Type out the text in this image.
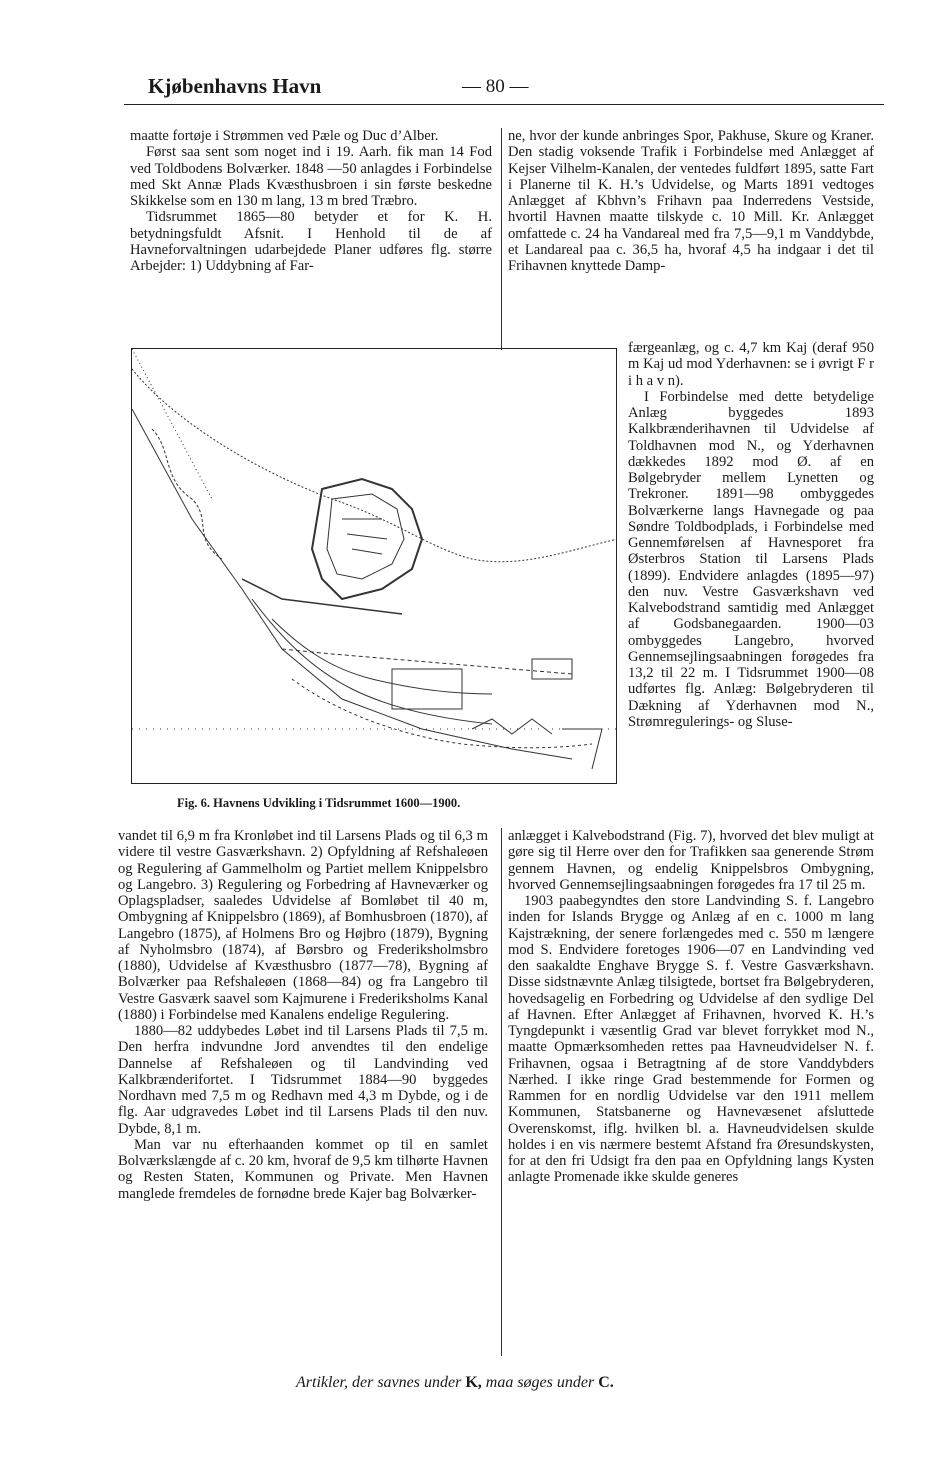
Kjøbenhavns Havn	— 80 —

maatte fortøje i Strømmen ved Pæle og Duc d’Alber.

Først saa sent som noget ind i 19. Aarh. fik man 14 Fod ved Toldbodens Bolværker. 1848 —50 anlagdes i Forbindelse med Skt Annæ Plads Kvæsthusbroen i sin første beskedne Skikkelse som en 130 m lang, 13 m bred Træbro.

Tidsrummet 1865—80 betyder et for K. H. betydningsfuldt Afsnit. I Henhold til de af Havneforvaltningen udarbejdede Planer udføres flg. større Arbejder: 1) Uddybning af Far-

ne, hvor der kunde anbringes Spor, Pakhuse, Skure og Kraner. Den stadig voksende Trafik i Forbindelse med Anlægget af Kejser Vilhelm-Kanalen, der ventedes fuldført 1895, satte Fart i Planerne til K. H.’s Udvidelse, og Marts 1891 vedtoges Anlægget af Kbhvn’s Frihavn paa Inderredens Vestside, hvortil Havnen maatte tilskyde c. 10 Mill. Kr. Anlægget omfattede c. 24 ha Vandareal med fra 7,5—9,1 m Vanddybde, et Landareal paa c. 36,5 ha, hvoraf 4,5 ha indgaar i det til Frihavnen knyttede Damp-

Fig. 6. Havnens Udvikling i Tidsrummet 1600—1900.

færgeanlæg, og c. 4,7 km Kaj (deraf 950 m Kaj ud mod Yderhavnen: se i øvrigt F r i h a v n).

I Forbindelse med dette betydelige Anlæg byggedes 1893 Kalkbrænderihavnen til Udvidelse af Toldhavnen mod N., og Yderhavnen dækkedes 1892 mod Ø. af en Bølgebryder mellem Lynetten og Trekroner. 1891—98 ombyggedes Bolværkerne langs Havnegade og paa Søndre Toldbodplads, i Forbindelse med Gennemførelsen af Havnesporet fra Østerbros Station til Larsens Plads (1899). Endvidere anlagdes (1895—97) den nuv. Vestre Gasværkshavn ved Kalvebodstrand samtidig med Anlægget af Godsbanegaarden. 1900—03 ombyggedes Langebro, hvorved Gennemsejlingsaabningen forøgedes fra 13,2 til 22 m. I Tidsrummet 1900—08 udførtes flg. Anlæg: Bølgebryderen til Dækning af Yderhavnen mod N., Strømregulerings- og Sluse-

vandet til 6,9 m fra Kronløbet ind til Larsens Plads og til 6,3 m videre til vestre Gasværkshavn. 2) Opfyldning af Refshaleøen og Regulering af Gammelholm og Partiet mellem Knippelsbro og Langebro. 3) Regulering og Forbedring af Havneværker og Oplagspladser, saaledes Udvidelse af Bomløbet til 40 m, Ombygning af Knippelsbro (1869), af Bomhusbroen (1870), af Langebro (1875), af Holmens Bro og Højbro (1879), Bygning af Nyholmsbro (1874), af Børsbro og Frederiksholmsbro (1880), Udvidelse af Kvæsthusbro (1877—78), Bygning af Bolværker paa Refshaleøen (1868—84) og fra Langebro til Vestre Gasværk saavel som Kajmurene i Frederiksholms Kanal (1880) i Forbindelse med Kanalens endelige Regulering.

1880—82 uddybedes Løbet ind til Larsens Plads til 7,5 m. Den herfra indvundne Jord anvendtes til den endelige Dannelse af Refshaleøen og til Landvinding ved Kalkbrænderifortet. I Tidsrummet 1884—90 byggedes Nordhavn med 7,5 m og Redhavn med 4,3 m Dybde, og i de flg. Aar udgravedes Løbet ind til Larsens Plads til den nuv. Dybde, 8,1 m.

Man var nu efterhaanden kommet op til en samlet Bolværkslængde af c. 20 km, hvoraf de 9,5 km tilhørte Havnen og Resten Staten, Kommunen og Private. Men Havnen manglede fremdeles de fornødne brede Kajer bag Bolværker-

anlægget i Kalvebodstrand (Fig. 7), hvorved det blev muligt at gøre sig til Herre over den for Trafikken saa generende Strøm gennem Havnen, og endelig Knippelsbros Ombygning, hvorved Gennemsejlingsaabningen forøgedes fra 17 til 25 m.

1903 paabegyndtes den store Landvinding S. f. Langebro inden for Islands Brygge og Anlæg af en c. 1000 m lang Kajstrækning, der senere forlængedes med c. 550 m længere mod S. Endvidere foretoges 1906—07 en Landvinding ved den saakaldte Enghave Brygge S. f. Vestre Gasværkshavn. Disse sidstnævnte Anlæg tilsigtede, bortset fra Bølgebryderen, hovedsagelig en Forbedring og Udvidelse af den sydlige Del af Havnen. Efter Anlægget af Frihavnen, hvorved K. H.’s Tyngdepunkt i væsentlig Grad var blevet forrykket mod N., maatte Opmærksomheden rettes paa Havneudvidelser N. f. Frihavnen, ogsaa i Betragtning af de store Vanddybders Nærhed. I ikke ringe Grad bestemmende for Formen og Rammen for en nordlig Udvidelse var den 1911 mellem Kommunen, Statsbanerne og Havnevæsenet afsluttede Overenskomst, iflg. hvilken bl. a. Havneudvidelsen skulde holdes i en vis nærmere bestemt Afstand fra Øresundskysten, for at den fri Udsigt fra den paa en Opfyldning langs Kysten anlagte Promenade ikke skulde generes

Artikler, der savnes under K, maa søges under C.
